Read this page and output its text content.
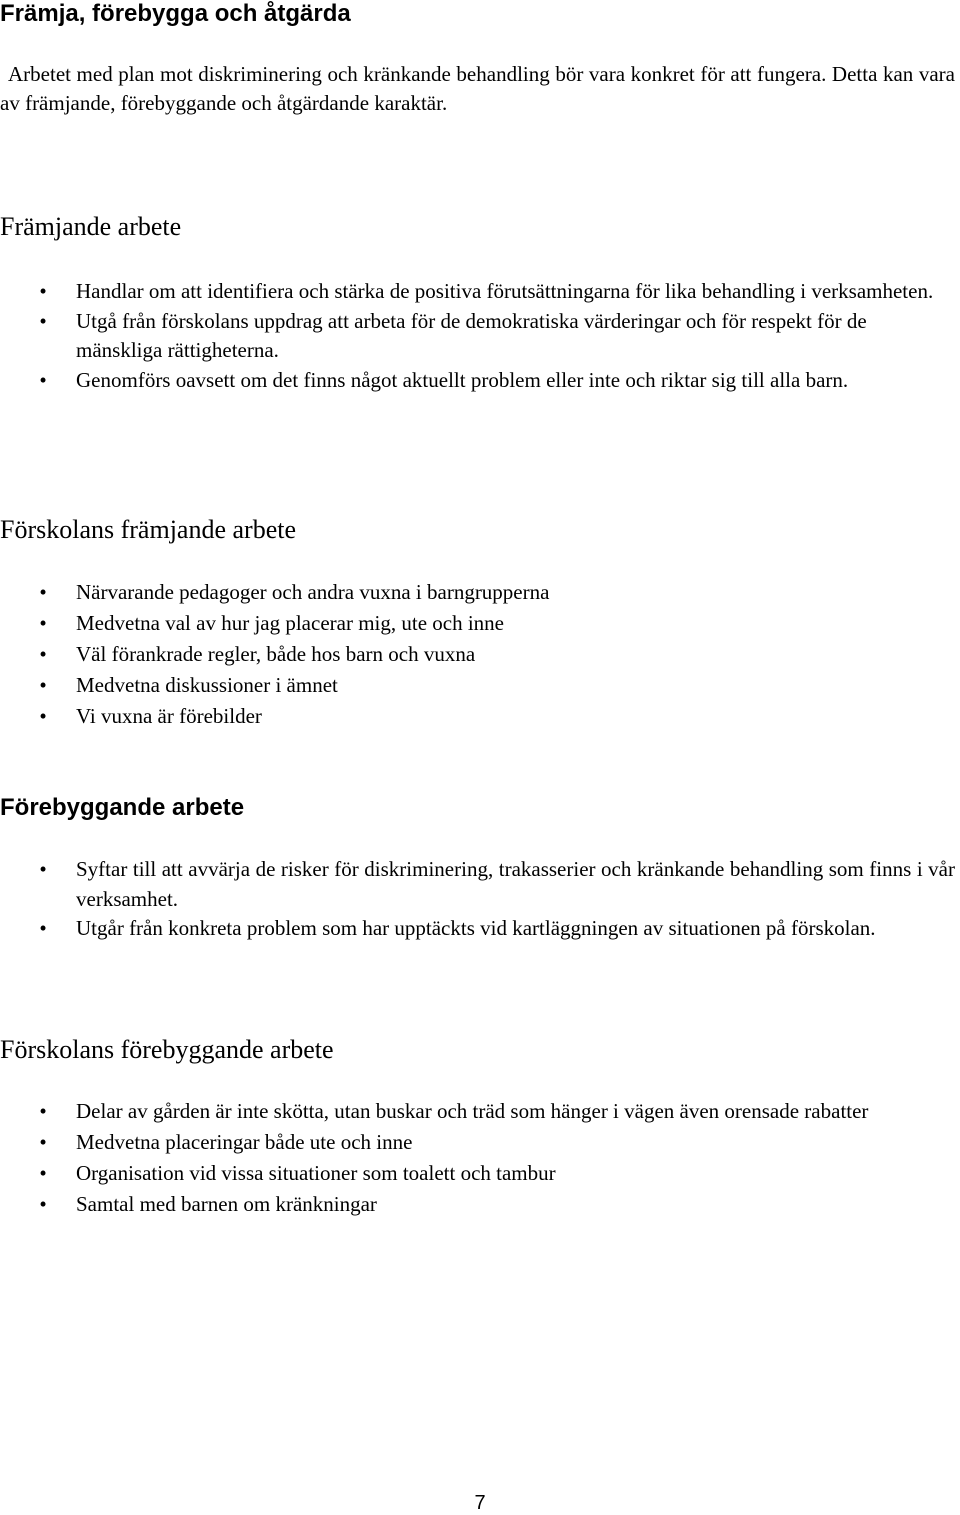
Främja, förebygga och åtgärda

Arbetet med plan mot diskriminering och kränkande behandling bör vara konkret för att fungera. Detta kan vara av främjande, förebyggande och åtgärdande karaktär.

Främjande arbete
• Handlar om att identifiera och stärka de positiva förutsättningarna för lika behandling i verksamheten.
• Utgå från förskolans uppdrag att arbeta för de demokratiska värderingar och för respekt för de mänskliga rättigheterna.
• Genomförs oavsett om det finns något aktuellt problem eller inte och riktar sig till alla barn.
Förskolans främjande arbete
• Närvarande pedagoger och andra vuxna i barngrupperna
• Medvetna val av hur jag placerar mig, ute och inne
• Väl förankrade regler, både hos barn och vuxna
• Medvetna diskussioner i ämnet
• Vi vuxna är förebilder
Förebyggande arbete
• Syftar till att avvärja de risker för diskriminering, trakasserier och kränkande behandling som finns i vår verksamhet.
• Utgår från konkreta problem som har upptäckts vid kartläggningen av situationen på förskolan.
Förskolans förebyggande arbete
• Delar av gården är inte skötta, utan buskar och träd som hänger i vägen även orensade rabatter
• Medvetna placeringar både ute och inne
• Organisation vid vissa situationer som toalett och tambur
• Samtal med barnen om kränkningar
7
